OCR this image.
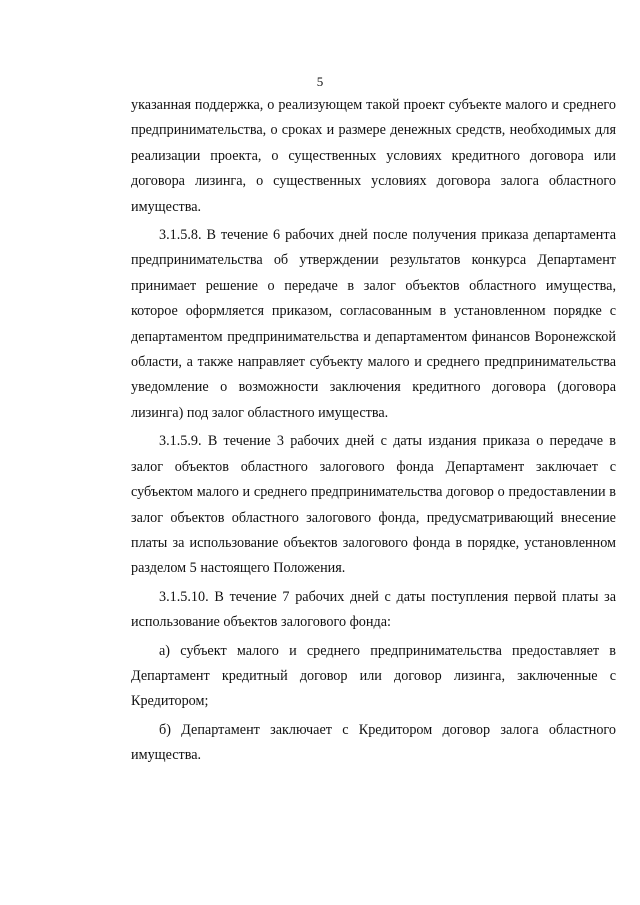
5

указанная поддержка, о реализующем такой проект субъекте малого и среднего предпринимательства, о сроках и размере денежных средств, необходимых для реализации проекта, о существенных условиях кредитного договора или договора лизинга, о существенных условиях договора залога областного имущества.

3.1.5.8. В течение 6 рабочих дней после получения приказа департамента предпринимательства об утверждении результатов конкурса Департамент принимает решение о передаче в залог объектов областного имущества, которое оформляется приказом, согласованным в установленном порядке с департаментом предпринимательства и департаментом финансов Воронежской области, а также направляет субъекту малого и среднего предпринимательства уведомление о возможности заключения кредитного договора (договора лизинга) под залог областного имущества.

3.1.5.9. В течение 3 рабочих дней с даты издания приказа о передаче в залог объектов областного залогового фонда Департамент заключает с субъектом малого и среднего предпринимательства договор о предоставлении в залог объектов областного залогового фонда, предусматривающий внесение платы за использование объектов залогового фонда в порядке, установленном разделом 5 настоящего Положения.

3.1.5.10. В течение 7 рабочих дней с даты поступления первой платы за использование объектов залогового фонда:

а) субъект малого и среднего предпринимательства предоставляет в Департамент кредитный договор или договор лизинга, заключенные с Кредитором;

б) Департамент заключает с Кредитором договор залога областного имущества.
